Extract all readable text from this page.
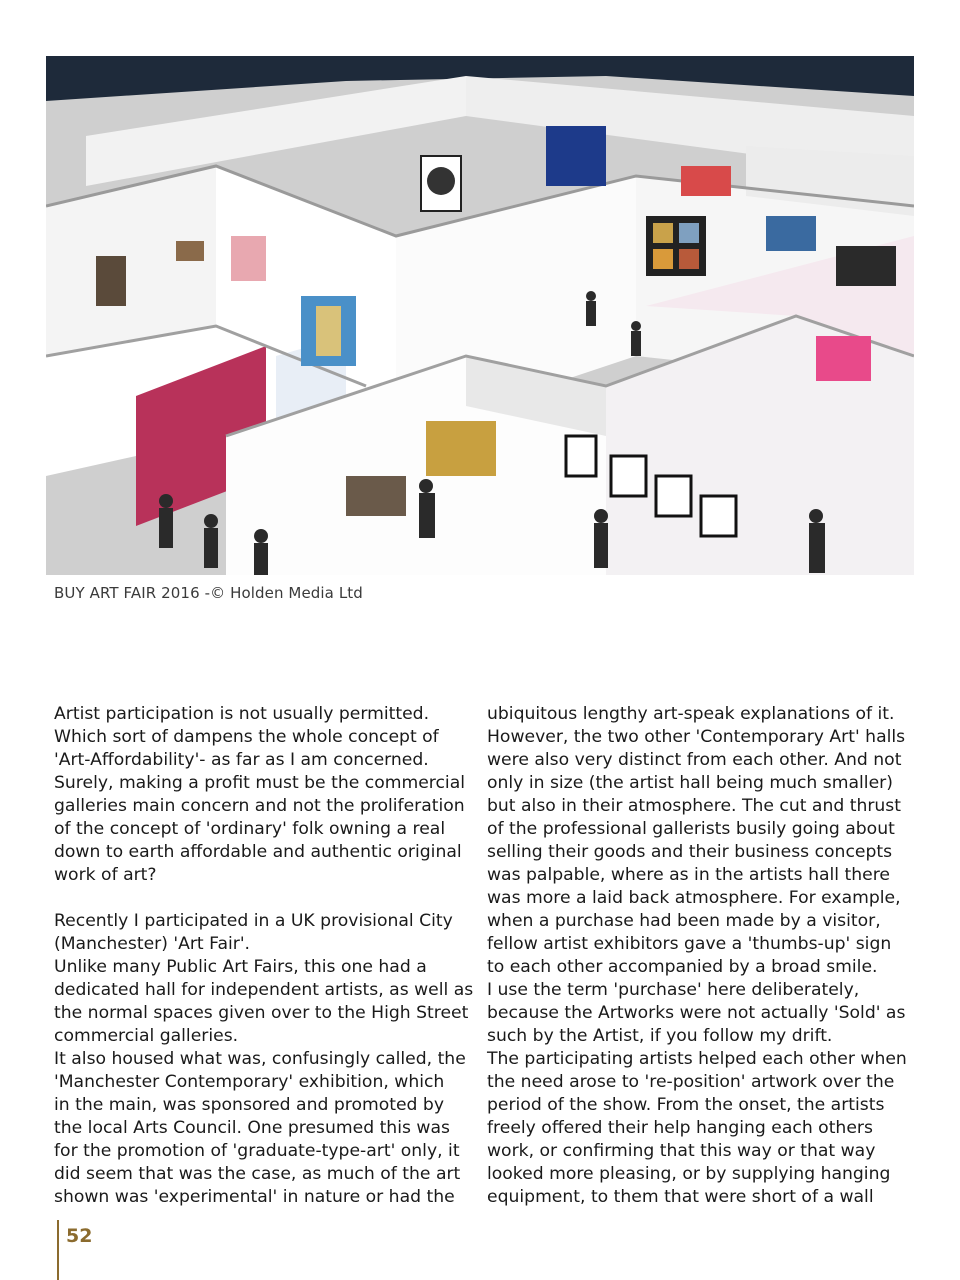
BUY ART FAIR 2016 -© Holden Media Ltd

Artist participation is not usually permitted.

Which sort of dampens the whole concept of

'Art-Affordability'- as far as I am concerned.

Surely, making a profit must be the commercial

galleries main concern and not the proliferation

of the concept of 'ordinary' folk owning a real

down to earth affordable and authentic original

work of art?

Recently I participated in a UK provisional City

(Manchester) 'Art Fair'.

Unlike many Public Art Fairs, this one had a

dedicated hall for independent artists, as well as

the normal spaces given over to the High Street

commercial galleries.

It also housed what was, confusingly called, the

'Manchester Contemporary' exhibition, which

in the main, was sponsored and promoted by

the local Arts Council. One presumed this was

for the promotion of 'graduate-type-art' only, it

did seem that was the case, as much of the art

shown was 'experimental' in nature or had the

ubiquitous lengthy art-speak explanations of it.

However, the two other 'Contemporary Art' halls

were also very distinct from each other. And not

only in size (the artist hall being much smaller)

but also in their atmosphere. The cut and thrust

of the professional gallerists busily going about

selling their goods and their business concepts

was palpable, where as in the artists hall there

was more a laid back atmosphere. For example,

when a purchase had been made by a visitor,

fellow artist exhibitors gave a 'thumbs-up' sign

to each other accompanied by a broad smile.

I use the term 'purchase' here deliberately,

because the Artworks were not actually 'Sold' as

such by the Artist, if you follow my drift.

The participating artists helped each other when

the need arose to 're-position' artwork over the

period of the show. From the onset, the artists

freely offered their help hanging each others

work, or confirming that this way or that way

looked more pleasing, or by supplying hanging

equipment, to them that were short of a wall

52
